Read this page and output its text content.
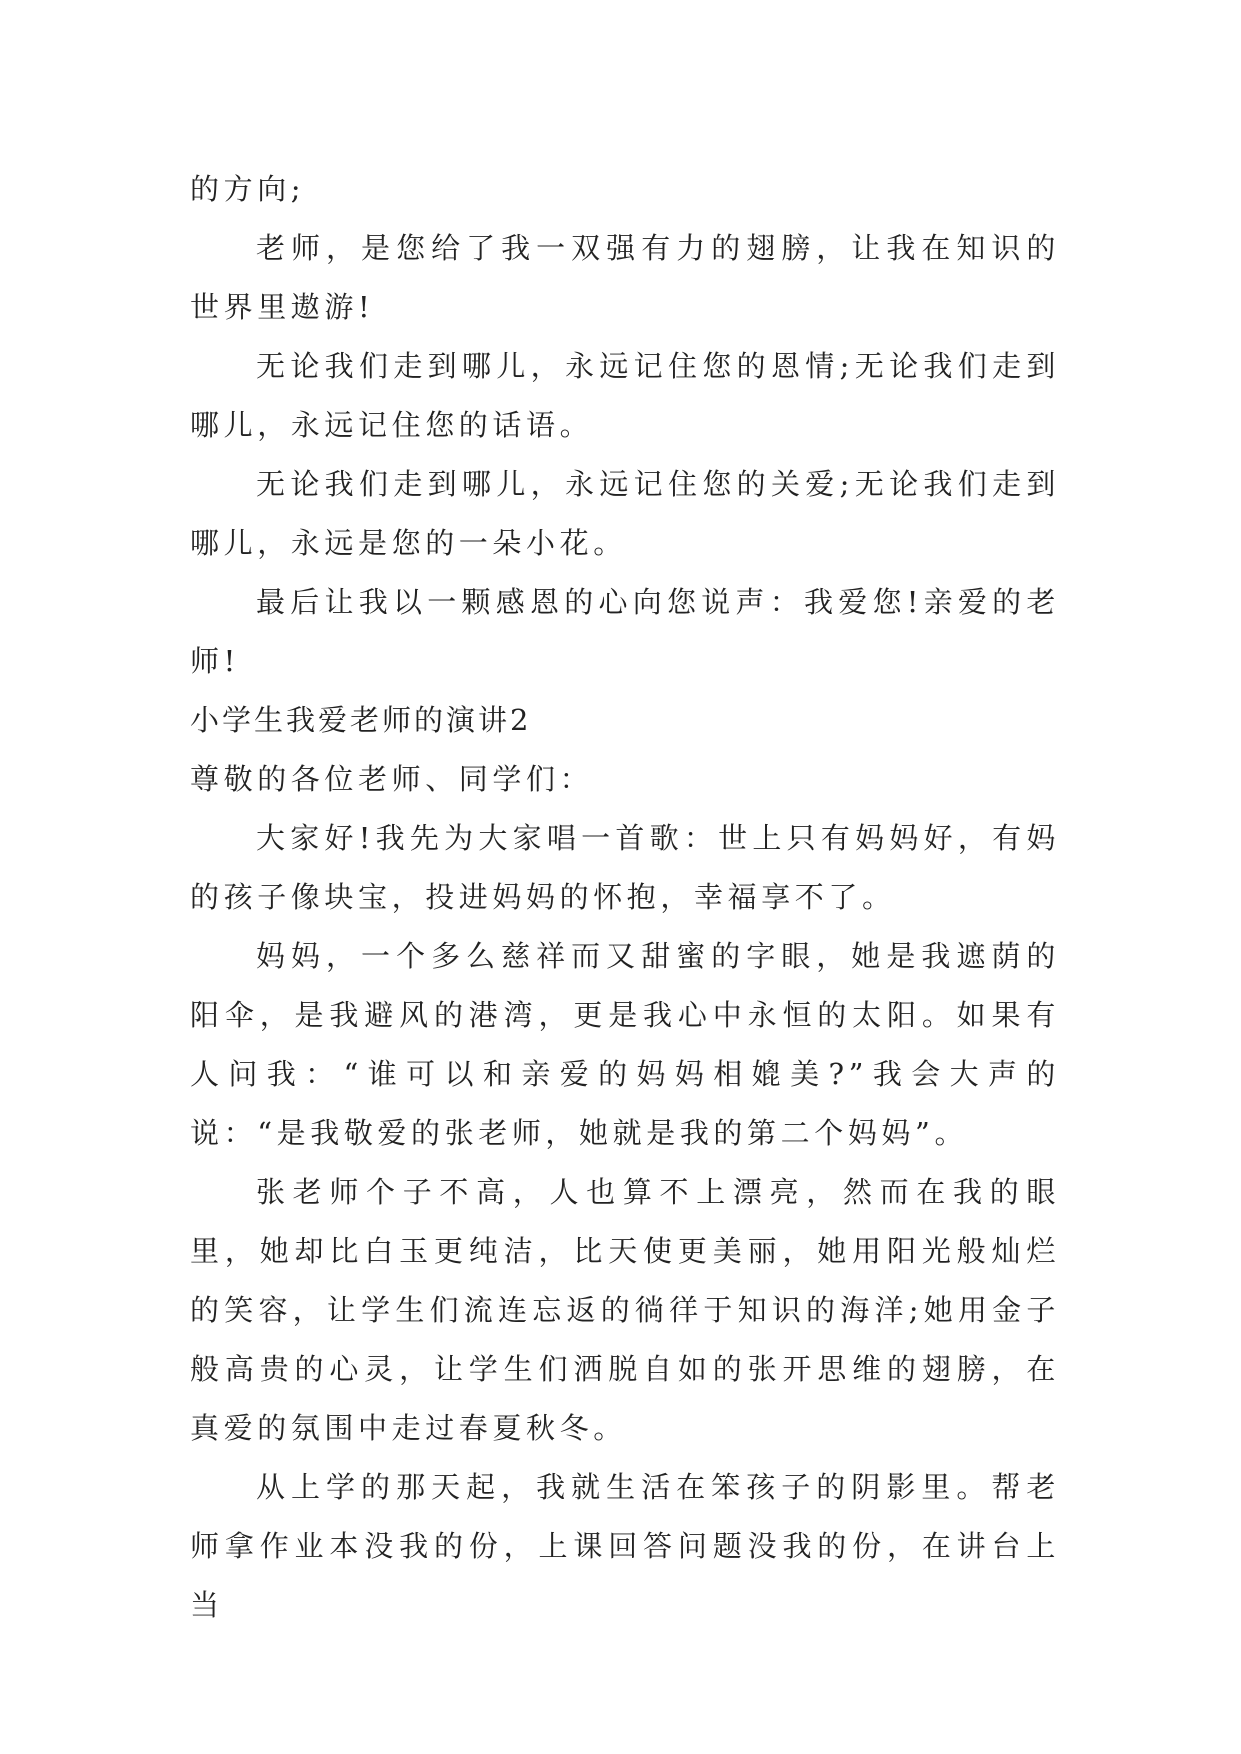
的方向;

老师，是您给了我一双强有力的翅膀，让我在知识的世界里遨游!

无论我们走到哪儿，永远记住您的恩情;无论我们走到哪儿，永远记住您的话语。

无论我们走到哪儿，永远记住您的关爱;无论我们走到哪儿，永远是您的一朵小花。

最后让我以一颗感恩的心向您说声：我爱您!亲爱的老师!

小学生我爱老师的演讲2

尊敬的各位老师、同学们：

大家好!我先为大家唱一首歌：世上只有妈妈好，有妈的孩子像块宝，投进妈妈的怀抱，幸福享不了。

妈妈，一个多么慈祥而又甜蜜的字眼，她是我遮荫的阳伞，是我避风的港湾，更是我心中永恒的太阳。如果有人问我：“谁可以和亲爱的妈妈相媲美?”我会大声的说：“是我敬爱的张老师，她就是我的第二个妈妈”。

张老师个子不高，人也算不上漂亮，然而在我的眼里，她却比白玉更纯洁，比天使更美丽，她用阳光般灿烂的笑容，让学生们流连忘返的徜徉于知识的海洋;她用金子般高贵的心灵，让学生们洒脱自如的张开思维的翅膀，在真爱的氛围中走过春夏秋冬。

从上学的那天起，我就生活在笨孩子的阴影里。帮老师拿作业本没我的份，上课回答问题没我的份，在讲台上当
